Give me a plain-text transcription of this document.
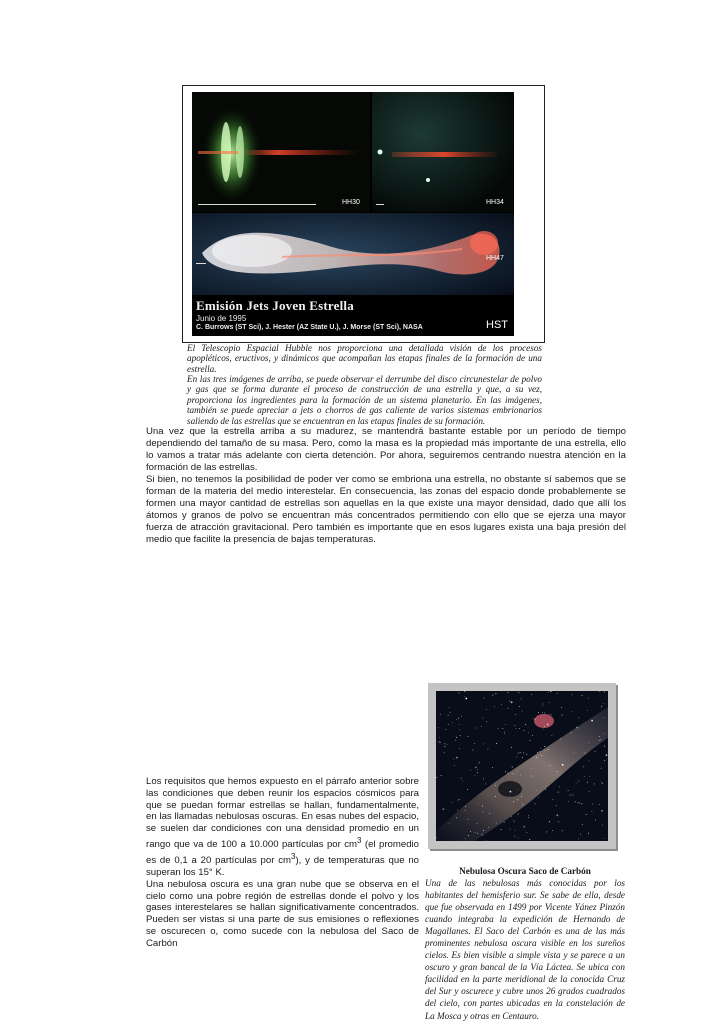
HH30	HH34
HH47
Emisión Jets Joven Estrella
Junio de 1995
C. Burrows (ST Sci), J. Hester (AZ State U.), J. Morse (ST Sci), NASA	HST
El Telescopio Espacial Hubble nos proporciona una detallada visión de los procesos apopléticos, eructivos, y dinámicos que acompañan las etapas finales de la formación de una estrella.
En las tres imágenes de arriba, se puede observar el derrumbe del disco circunestelar de polvo y gas que se forma durante el proceso de construcción de una estrella y que, a su vez, proporciona los ingredientes para la formación de un sistema planetario. En las imágenes, también se puede apreciar a jets o chorros de gas caliente de varios sistemas embrionarios saliendo de las estrellas que se encuentran en las etapas finales de su formación.

Una vez que la estrella arriba a su madurez, se mantendrá bastante estable por un período de tiempo dependiendo del tamaño de su masa. Pero, como la masa es la propiedad más importante de una estrella, ello lo vamos a tratar más adelante con cierta detención. Por ahora, seguiremos centrando nuestra atención en la formación de las estrellas.

Si bien, no tenemos la posibilidad de poder ver como se embriona una estrella, no obstante sí sabemos que se forman de la materia del medio interestelar. En consecuencia, las zonas del espacio donde probablemente se formen una mayor cantidad de estrellas son aquellas en la que existe una mayor densidad, dado que allí los átomos y granos de polvo se encuentran más concentrados permitiendo con ello que se ejerza una mayor fuerza de atracción gravitacional. Pero también es importante que en esos lugares exista una baja presión del medio que facilite la presencia de bajas temperaturas.

Los requisitos que hemos expuesto en el párrafo anterior sobre las condiciones que deben reunir los espacios cósmicos para que se puedan formar estrellas se hallan, fundamentalmente, en las llamadas nebulosas oscuras. En esas nubes del espacio, se suelen dar condiciones con una densidad promedio en un rango que va de 100 a 10.000 partículas por $cm^3$ (el promedio es de 0,1 a 20 partículas por $cm^3$), y de temperaturas que no superan los 15° K.

Una nebulosa oscura es una gran nube que se observa en el cielo como una pobre región de estrellas donde el polvo y los gases interestelares se hallan significativamente concentrados. Pueden ser vistas si una parte de sus emisiones o reflexiones se oscurecen o, como sucede con la nebulosa del Saco de Carbón

Nebulosa Oscura Saco de Carbón
Una de las nebulosas más conocidas por los habitantes del hemisferio sur. Se sabe de ella, desde que fue observada en 1499 por Vicente Yánez Pinzón cuando integraba la expedición de Hernando de Magallanes. El Saco del Carbón es una de las más prominentes nebulosa oscura visible en los sureños cielos. Es bien visible a simple vista y se parece a un oscuro y gran bancal de la Vía Láctea. Se ubica con facilidad en la parte meridional de la conocida Cruz del Sur y oscurece y cubre unos 26 grados cuadrados del cielo, con partes ubicadas en la constelación de La Mosca y otras en Centauro.
